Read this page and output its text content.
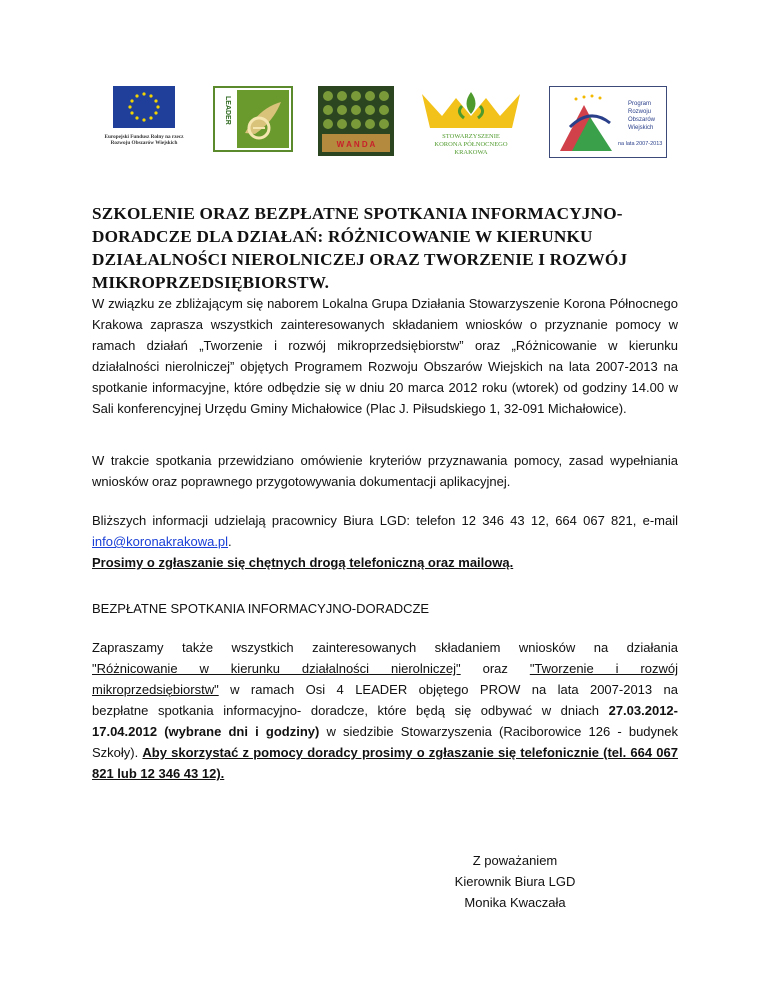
Europejski Fundusz Rolny na rzecz Rozwoju Obszarów Wiejskich
LEADER
W A N D A
STOWARZYSZENIE
KORONA PÓŁNOCNEGO
KRAKOWA
Program
Rozwoju
Obszarów
Wiejskich
na lata 2007-2013
SZKOLENIE ORAZ BEZPŁATNE SPOTKANIA INFORMACYJNO-DORADCZE DLA DZIAŁAŃ: RÓŻNICOWANIE W KIERUNKU DZIAŁALNOŚCI NIEROLNICZEJ ORAZ TWORZENIE I ROZWÓJ MIKROPRZEDSIĘBIORSTW.

W związku ze zbliżającym się naborem Lokalna Grupa Działania Stowarzyszenie Korona Północnego Krakowa zaprasza wszystkich zainteresowanych składaniem wniosków o przyznanie pomocy w ramach działań „Tworzenie i rozwój mikroprzedsiębiorstw” oraz „Różnicowanie w kierunku działalności nierolniczej” objętych Programem Rozwoju Obszarów Wiejskich na lata 2007-2013 na spotkanie informacyjne, które odbędzie się w dniu 20 marca 2012 roku (wtorek) od godziny 14.00 w Sali konferencyjnej Urzędu Gminy Michałowice (Plac J. Piłsudskiego 1, 32-091 Michałowice).

W trakcie spotkania przewidziano omówienie kryteriów przyznawania pomocy, zasad wypełniania wniosków oraz poprawnego przygotowywania dokumentacji aplikacyjnej.

Bliższych informacji udzielają pracownicy Biura LGD: telefon 12 346 43 12, 664 067 821, e-mail info@koronakrakowa.pl.
Prosimy o zgłaszanie się chętnych drogą telefoniczną oraz mailową.

BEZPŁATNE SPOTKANIA INFORMACYJNO-DORADCZE

Zapraszamy także wszystkich zainteresowanych składaniem wniosków na działania
"Różnicowanie w kierunku działalności nierolniczej" oraz "Tworzenie i rozwój
mikroprzedsiębiorstw" w ramach Osi 4 LEADER objętego PROW na lata 2007-2013 na
bezpłatne spotkania informacyjno- doradcze, które będą się odbywać w dniach 27.03.2012-
17.04.2012 (wybrane dni i godziny) w siedzibie Stowarzyszenia (Raciborowice 126 - budynek
Szkoły). Aby skorzystać z pomocy doradcy prosimy o zgłaszanie się telefonicznie (tel. 664 067 821 lub 12 346 43 12).
Z poważaniem
Kierownik Biura LGD
Monika Kwaczała
